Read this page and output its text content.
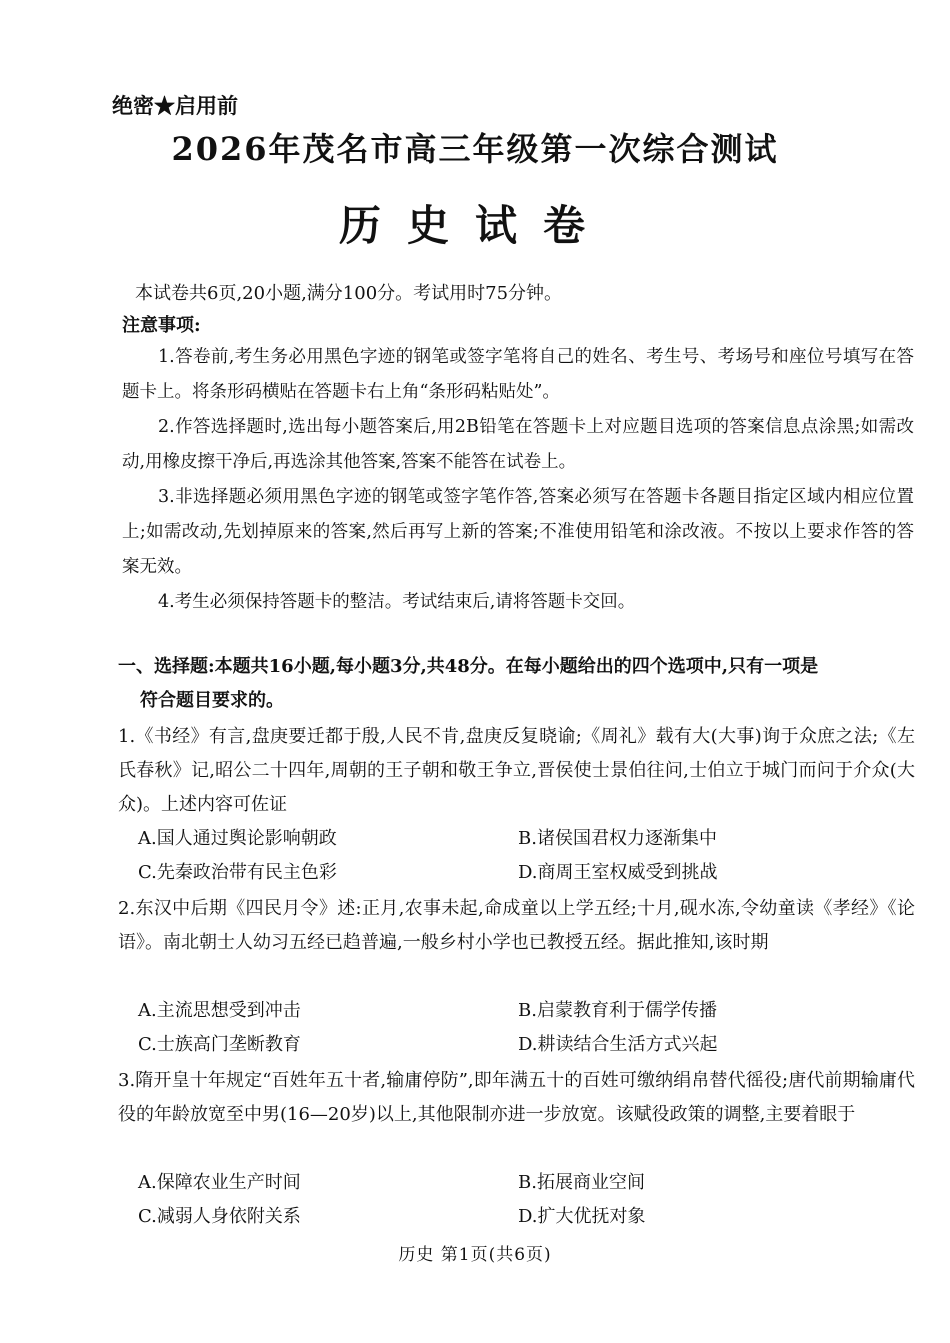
绝密★启用前
2026年茂名市高三年级第一次综合测试
历史试卷
本试卷共6页,20小题,满分100分。考试用时75分钟。
注意事项:

1.答卷前,考生务必用黑色字迹的钢笔或签字笔将自己的姓名、考生号、考场号和座位号填写在答题卡上。将条形码横贴在答题卡右上角“条形码粘贴处”。

2.作答选择题时,选出每小题答案后,用2B铅笔在答题卡上对应题目选项的答案信息点涂黑;如需改动,用橡皮擦干净后,再选涂其他答案,答案不能答在试卷上。

3.非选择题必须用黑色字迹的钢笔或签字笔作答,答案必须写在答题卡各题目指定区域内相应位置上;如需改动,先划掉原来的答案,然后再写上新的答案;不准使用铅笔和涂改液。不按以上要求作答的答案无效。

4.考生必须保持答题卡的整洁。考试结束后,请将答题卡交回。

一、选择题:本题共16小题,每小题3分,共48分。在每小题给出的四个选项中,只有一项是
符合题目要求的。
1.《书经》有言,盘庚要迁都于殷,人民不肯,盘庚反复晓谕;《周礼》载有大(大事)询于众庶之法;《左氏春秋》记,昭公二十四年,周朝的王子朝和敬王争立,晋侯使士景伯往问,士伯立于城门而问于介众(大众)。上述内容可佐证
A.国人通过舆论影响朝政	B.诸侯国君权力逐渐集中
C.先秦政治带有民主色彩	D.商周王室权威受到挑战
2.东汉中后期《四民月令》述:正月,农事未起,命成童以上学五经;十月,砚水冻,令幼童读《孝经》《论语》。南北朝士人幼习五经已趋普遍,一般乡村小学也已教授五经。据此推知,该时期
A.主流思想受到冲击	B.启蒙教育利于儒学传播
C.士族高门垄断教育	D.耕读结合生活方式兴起
3.隋开皇十年规定“百姓年五十者,输庸停防”,即年满五十的百姓可缴纳绢帛替代徭役;唐代前期输庸代役的年龄放宽至中男(16—20岁)以上,其他限制亦进一步放宽。该赋役政策的调整,主要着眼于
A.保障农业生产时间	B.拓展商业空间
C.减弱人身依附关系	D.扩大优抚对象
历史 第1页(共6页)
